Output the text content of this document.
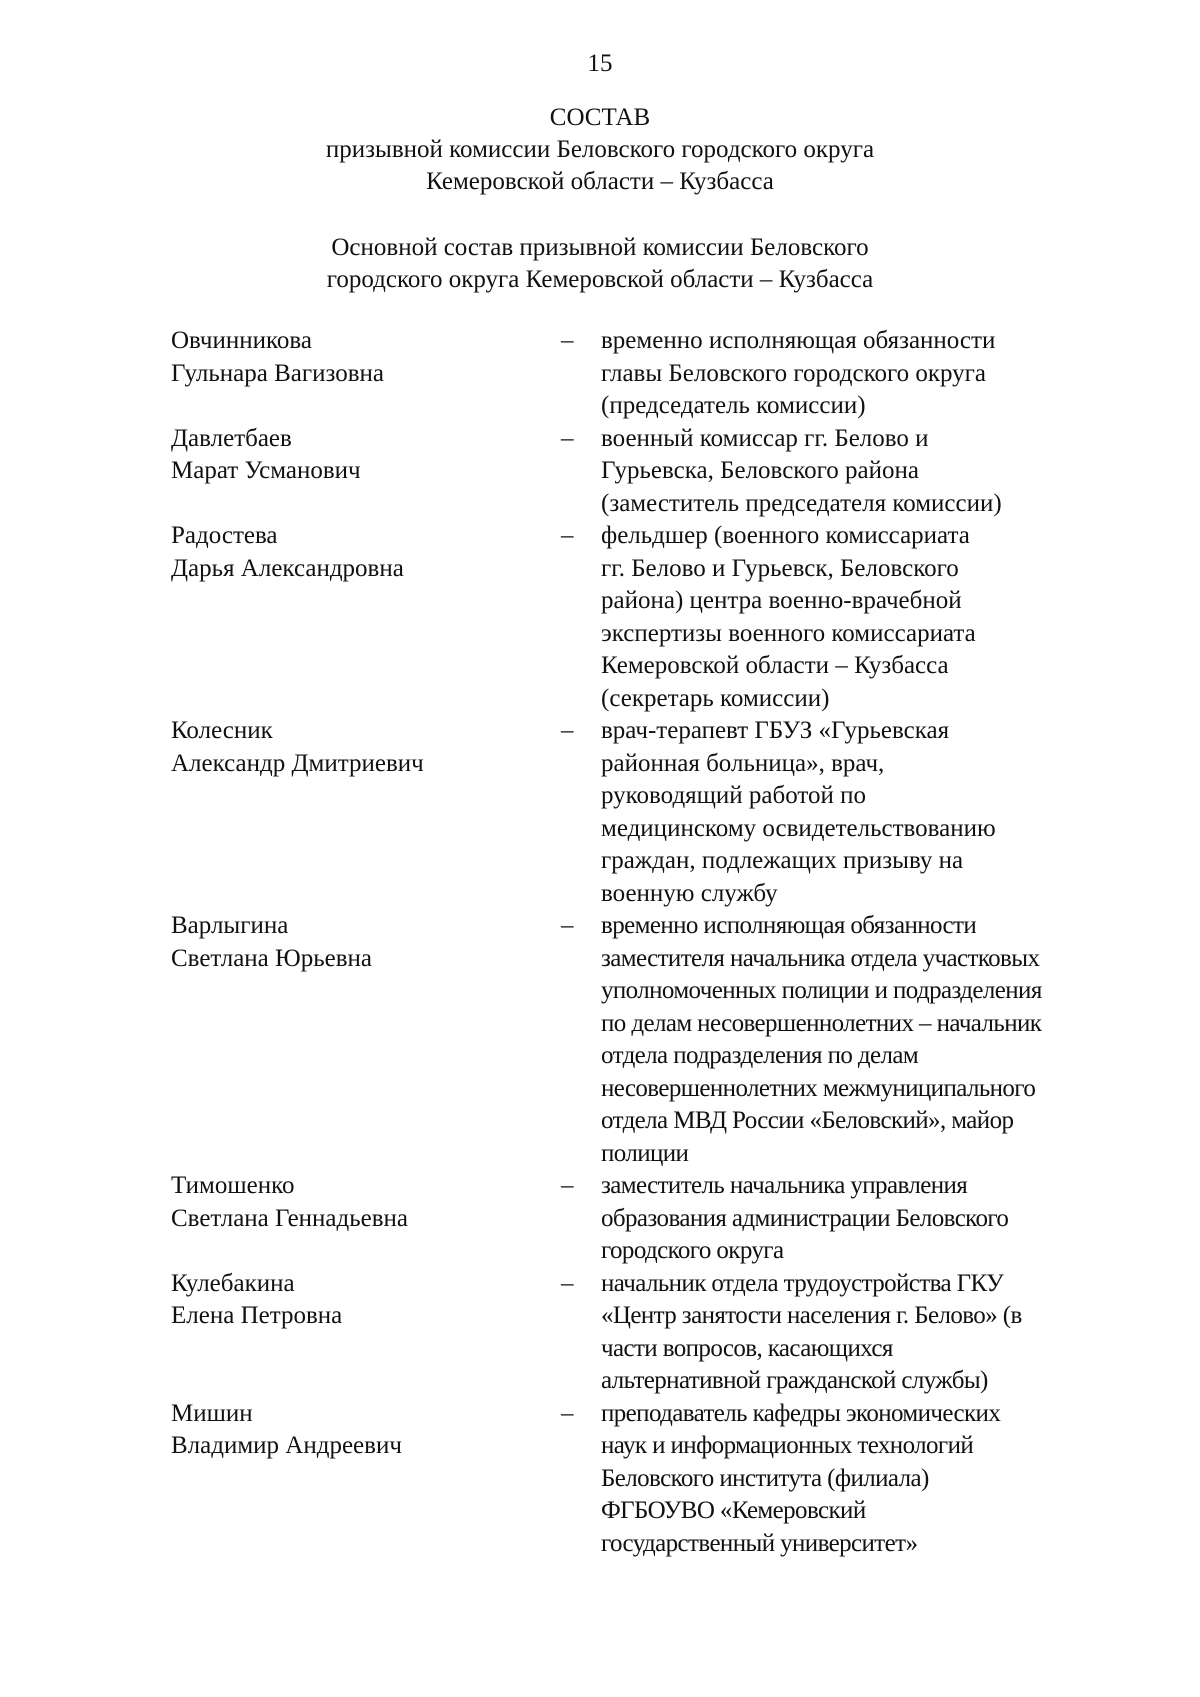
15
СОСТАВ
призывной комиссии Беловского городского округа
Кемеровской области – Кузбасса
Основной состав призывной комиссии Беловского
городского округа Кемеровской области – Кузбасса
Овчинникова
Гульнара Вагизовна
–	временно исполняющая обязанности
главы Беловского городского округа
(председатель комиссии)
Давлетбаев
Марат Усманович
–	военный комиссар гг. Белово и
Гурьевска, Беловского района
(заместитель председателя комиссии)
Радостева
Дарья Александровна
–	фельдшер (военного комиссариата
гг. Белово и Гурьевск, Беловского
района) центра военно-врачебной
экспертизы военного комиссариата
Кемеровской области – Кузбасса
(секретарь комиссии)
Колесник
Александр Дмитриевич
–	врач-терапевт ГБУЗ «Гурьевская
районная больница», врач,
руководящий работой по
медицинскому освидетельствованию
граждан, подлежащих призыву на
военную службу
Варлыгина
Светлана Юрьевна
–	временно исполняющая обязанности
заместителя начальника отдела участковых
уполномоченных полиции и подразделения
по делам несовершеннолетних – начальник
отдела подразделения по делам
несовершеннолетних межмуниципального
отдела МВД России «Беловский», майор
полиции
Тимошенко
Светлана Геннадьевна
–	заместитель начальника управления
образования администрации Беловского
городского округа
Кулебакина
Елена Петровна
–	начальник отдела трудоустройства ГКУ
«Центр занятости населения г. Белово» (в
части вопросов, касающихся
альтернативной гражданской службы)
Мишин
Владимир Андреевич
–	преподаватель кафедры экономических
наук и информационных технологий
Беловского института (филиала)
ФГБОУВО «Кемеровский
государственный университет»
